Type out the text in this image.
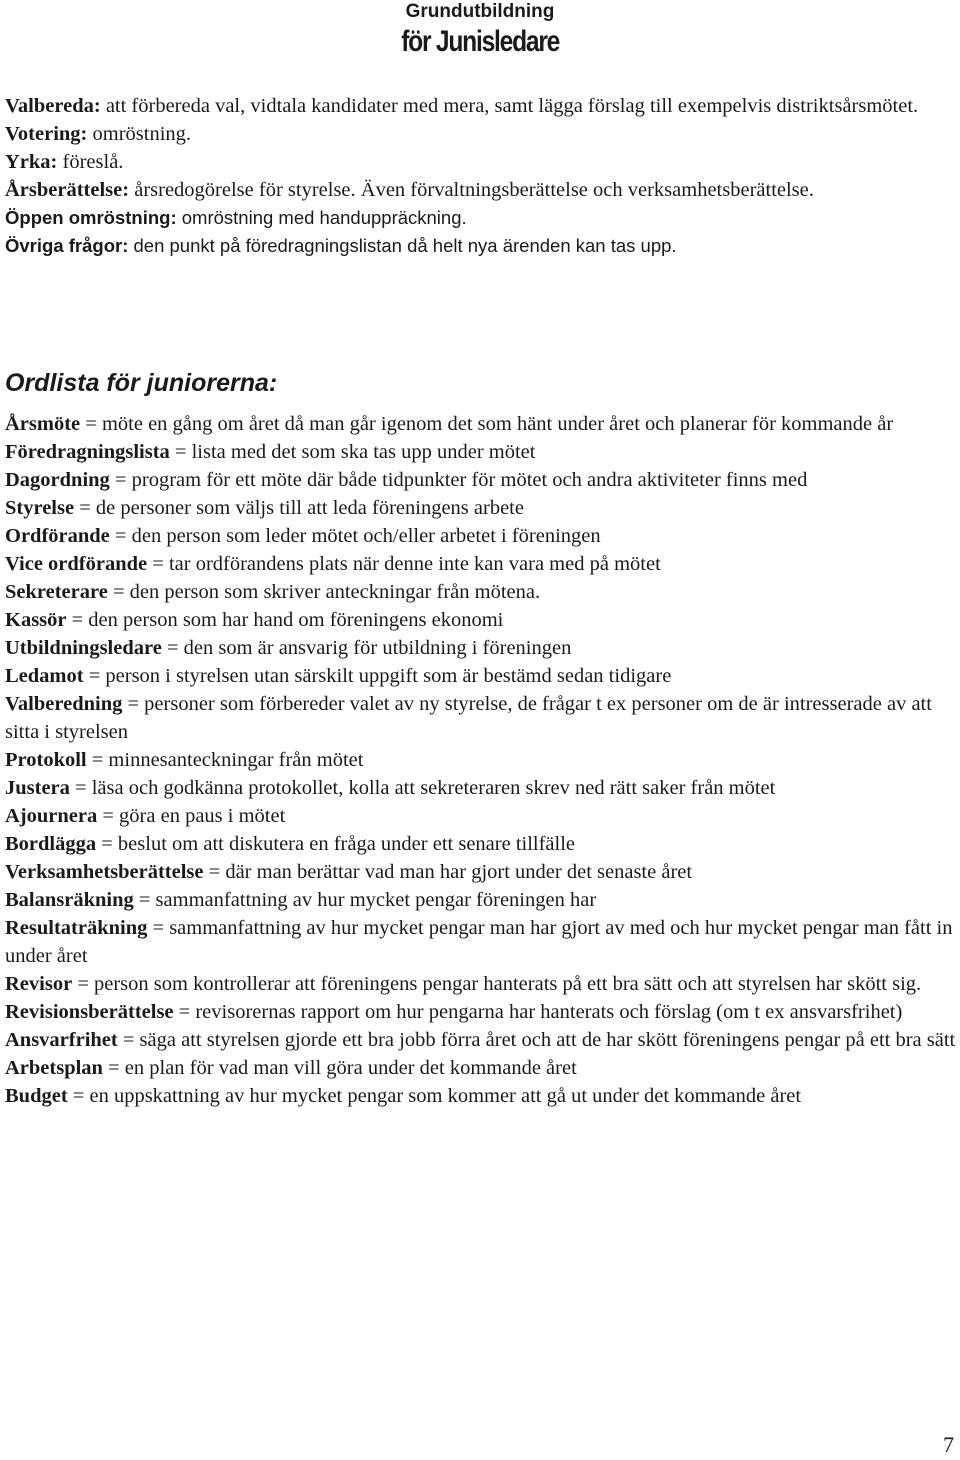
Grundutbildning
för Junisledare

Valbereda: att förbereda val, vidtala kandidater med mera, samt lägga förslag till exempelvis distriktsårsmötet.

Votering: omröstning.

Yrka: föreslå.

Årsberättelse: årsredogörelse för styrelse. Även förvaltningsberättelse och verksamhetsberättelse.

Öppen omröstning: omröstning med handuppräckning.

Övriga frågor: den punkt på föredragningslistan då helt nya ärenden kan tas upp.

Ordlista för juniorerna:

Årsmöte = möte en gång om året då man går igenom det som hänt under året och planerar för kommande år

Föredragningslista = lista med det som ska tas upp under mötet

Dagordning = program för ett möte där både tidpunkter för mötet och andra aktiviteter finns med

Styrelse = de personer som väljs till att leda föreningens arbete

Ordförande = den person som leder mötet och/eller arbetet i föreningen

Vice ordförande = tar ordförandens plats när denne inte kan vara med på mötet

Sekreterare = den person som skriver anteckningar från mötena.

Kassör = den person som har hand om föreningens ekonomi

Utbildningsledare = den som är ansvarig för utbildning i föreningen

Ledamot = person i styrelsen utan särskilt uppgift som är bestämd sedan tidigare

Valberedning = personer som förbereder valet av ny styrelse, de frågar t ex personer om de är intresserade av att sitta i styrelsen

Protokoll = minnesanteckningar från mötet

Justera = läsa och godkänna protokollet, kolla att sekreteraren skrev ned rätt saker från mötet

Ajournera = göra en paus i mötet

Bordlägga = beslut om att diskutera en fråga under ett senare tillfälle

Verksamhetsberättelse = där man berättar vad man har gjort under det senaste året

Balansräkning = sammanfattning av hur mycket pengar föreningen har

Resultaträkning = sammanfattning av hur mycket pengar man har gjort av med och hur mycket pengar man fått in under året

Revisor = person som kontrollerar att föreningens pengar hanterats på ett bra sätt och att styrelsen har skött sig.

Revisionsberättelse = revisorernas rapport om hur pengarna har hanterats och förslag (om t ex ansvarsfrihet)

Ansvarfrihet = säga att styrelsen gjorde ett bra jobb förra året och att de har skött föreningens pengar på ett bra sätt

Arbetsplan = en plan för vad man vill göra under det kommande året

Budget = en uppskattning av hur mycket pengar som kommer att gå ut under det kommande året

7
